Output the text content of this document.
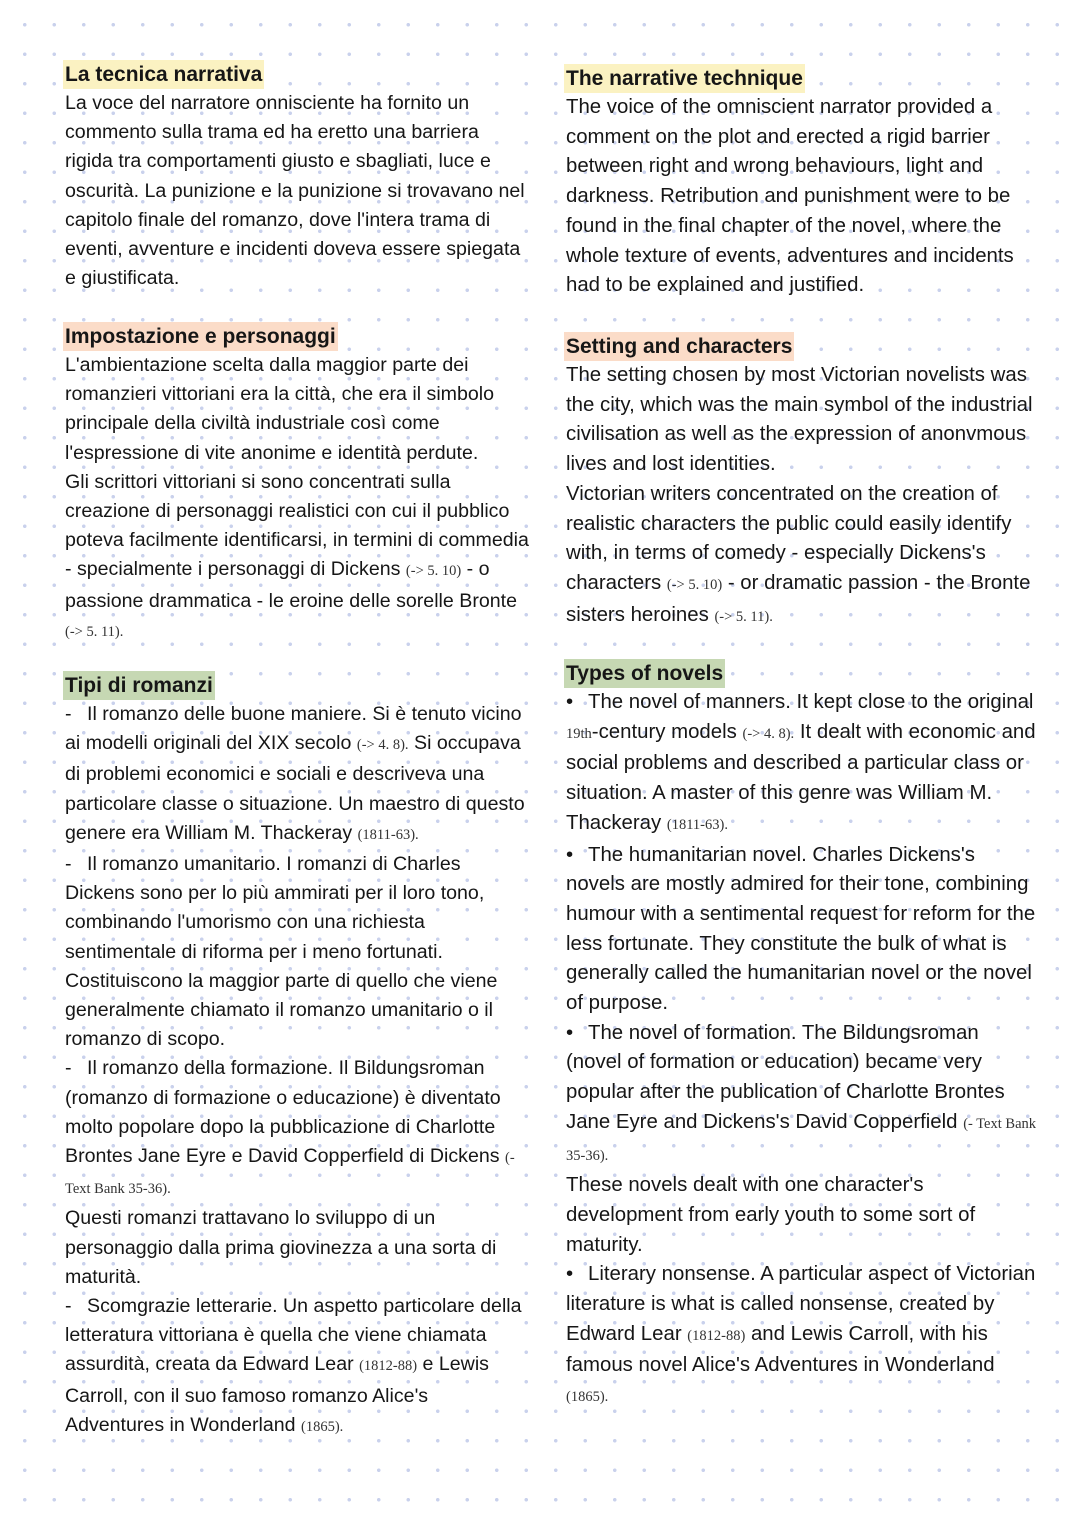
La tecnica narrativa

La voce del narratore onnisciente ha fornito un commento sulla trama ed ha eretto una barriera rigida tra comportamenti giusto e sbagliati, luce e oscurità. La punizione e la punizione si trovavano nel capitolo finale del romanzo, dove l'intera trama di eventi, avventure e incidenti doveva essere spiegata e giustificata.

Impostazione e personaggi

L'ambientazione scelta dalla maggior parte dei romanzieri vittoriani era la città, che era il simbolo principale della civiltà industriale così come l'espressione di vite anonime e identità perdute.

Gli scrittori vittoriani si sono concentrati sulla creazione di personaggi realistici con cui il pubblico poteva facilmente identificarsi, in termini di commedia - specialmente i personaggi di Dickens (-> 5. 10) - o passione drammatica - le eroine delle sorelle Bronte (-> 5. 11).

Tipi di romanzi

- Il romanzo delle buone maniere. Si è tenuto vicino ai modelli originali del XIX secolo (-> 4. 8). Si occupava di problemi economici e sociali e descriveva una particolare classe o situazione. Un maestro di questo genere era William M. Thackeray (1811-63).

- Il romanzo umanitario. I romanzi di Charles Dickens sono per lo più ammirati per il loro tono, combinando l'umorismo con una richiesta sentimentale di riforma per i meno fortunati. Costituiscono la maggior parte di quello che viene generalmente chiamato il romanzo umanitario o il romanzo di scopo.

- Il romanzo della formazione. Il Bildungsroman (romanzo di formazione o educazione) è diventato molto popolare dopo la pubblicazione di Charlotte Brontes Jane Eyre e David Copperfield di Dickens (- Text Bank 35-36).

Questi romanzi trattavano lo sviluppo di un personaggio dalla prima giovinezza a una sorta di maturità.

- Scomgrazie letterarie. Un aspetto particolare della letteratura vittoriana è quella che viene chiamata assurdità, creata da Edward Lear (1812-88) e Lewis Carroll, con il suo famoso romanzo Alice's Adventures in Wonderland (1865).

The narrative technique

The voice of the omniscient narrator provided a comment on the plot and erected a rigid barrier between right and wrong behaviours, light and darkness. Retribution and punishment were to be found in the final chapter of the novel, where the whole texture of events, adventures and incidents had to be explained and justified.

Setting and characters

The setting chosen by most Victorian novelists was the city, which was the main symbol of the industrial civilisation as well as the expression of anonvmous lives and lost identities.

Victorian writers concentrated on the creation of realistic characters the public could easily identify with, in terms of comedy - especially Dickens's characters (-> 5. 10) - or dramatic passion - the Bronte sisters heroines (-> 5. 11).

Types of novels

• The novel of manners. It kept close to the original 19th-century models (-> 4. 8). It dealt with economic and social problems and described a particular class or situation. A master of this genre was William M. Thackeray (1811-63).

• The humanitarian novel. Charles Dickens's novels are mostly admired for their tone, combining humour with a sentimental request for reform for the less fortunate. They constitute the bulk of what is generally called the humanitarian novel or the novel of purpose.

• The novel of formation. The Bildungsroman (novel of formation or education) became very popular after the publication of Charlotte Brontes Jane Eyre and Dickens's David Copperfield (- Text Bank 35-36).

These novels dealt with one character's development from early youth to some sort of maturity.

• Literary nonsense. A particular aspect of Victorian literature is what is called nonsense, created by Edward Lear (1812-88) and Lewis Carroll, with his famous novel Alice's Adventures in Wonderland (1865).
